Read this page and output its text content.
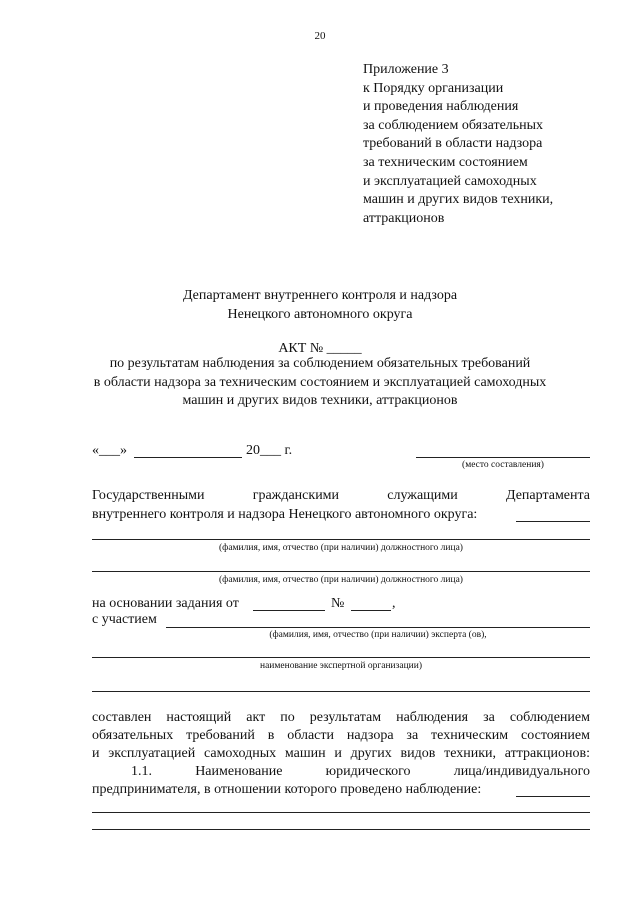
20
Приложение 3
к Порядку организации
и проведения наблюдения
за соблюдением обязательных
требований в области надзора
за техническим состоянием
и эксплуатацией самоходных
машин и других видов техники,
аттракционов
Департамент внутреннего контроля и надзора
Ненецкого автономного округа
АКТ № _____
по результатам наблюдения за соблюдением обязательных требований
в области надзора за техническим состоянием и эксплуатацией самоходных
машин и других видов техники, аттракционов
«___»	20___ г.
(место составления)
Государственными	гражданскими	служащими	Департамента
внутреннего контроля и надзора Ненецкого автономного округа:
(фамилия, имя, отчество (при наличии) должностного лица)
(фамилия, имя, отчество (при наличии) должностного лица)
на основании задания от	№	,
с участием
(фамилия, имя, отчество (при наличии) эксперта (ов),
наименование экспертной организации)
составлен настоящий акт по результатам наблюдения за соблюдением
обязательных требований в области надзора за техническим состоянием
и эксплуатацией самоходных машин и других видов техники, аттракционов:
1.1. Наименование	юридического	лица/индивидуального
предпринимателя, в отношении которого проведено наблюдение:
